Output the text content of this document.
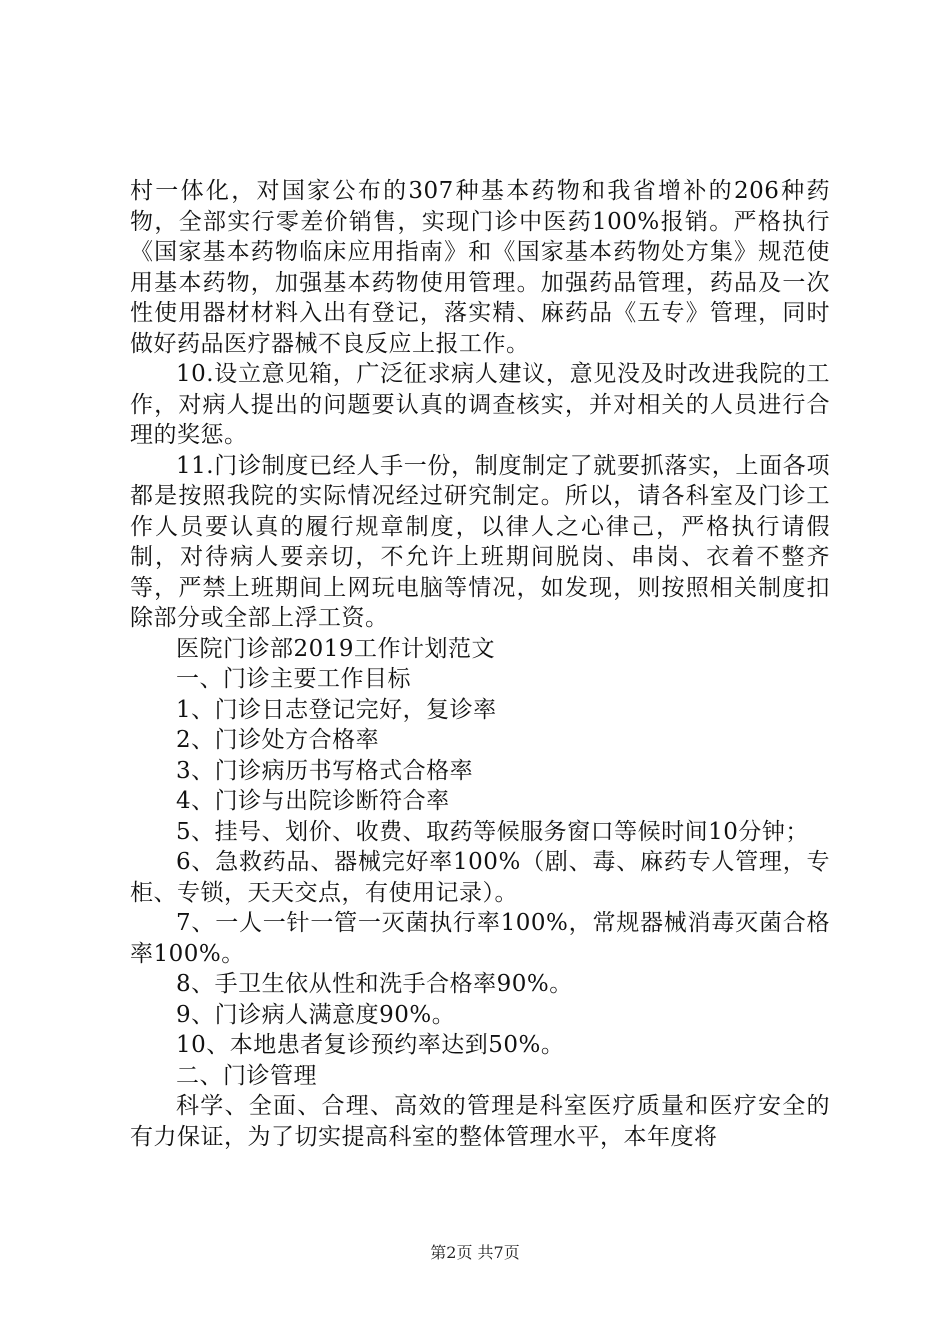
村一体化，对国家公布的307种基本药物和我省增补的206种药物，全部实行零差价销售，实现门诊中医药100%报销。严格执行《国家基本药物临床应用指南》和《国家基本药物处方集》规范使用基本药物，加强基本药物使用管理。加强药品管理，药品及一次性使用器材材料入出有登记，落实精、麻药品《五专》管理，同时做好药品医疗器械不良反应上报工作。

10.设立意见箱，广泛征求病人建议，意见没及时改进我院的工作，对病人提出的问题要认真的调查核实，并对相关的人员进行合理的奖惩。

11.门诊制度已经人手一份，制度制定了就要抓落实，上面各项都是按照我院的实际情况经过研究制定。所以，请各科室及门诊工作人员要认真的履行规章制度，以律人之心律己，严格执行请假制，对待病人要亲切，不允许上班期间脱岗、串岗、衣着不整齐等，严禁上班期间上网玩电脑等情况，如发现，则按照相关制度扣除部分或全部上浮工资。

医院门诊部2019工作计划范文

一、门诊主要工作目标

1、门诊日志登记完好，复诊率

2、门诊处方合格率

3、门诊病历书写格式合格率

4、门诊与出院诊断符合率

5、挂号、划价、收费、取药等候服务窗口等候时间10分钟；

6、急救药品、器械完好率100%（剧、毒、麻药专人管理，专柜、专锁，天天交点，有使用记录）。

7、一人一针一管一灭菌执行率100%，常规器械消毒灭菌合格率100%。

8、手卫生依从性和洗手合格率90%。

9、门诊病人满意度90%。

10、本地患者复诊预约率达到50%。

二、门诊管理

科学、全面、合理、高效的管理是科室医疗质量和医疗安全的有力保证，为了切实提高科室的整体管理水平，本年度将

第2页 共7页
